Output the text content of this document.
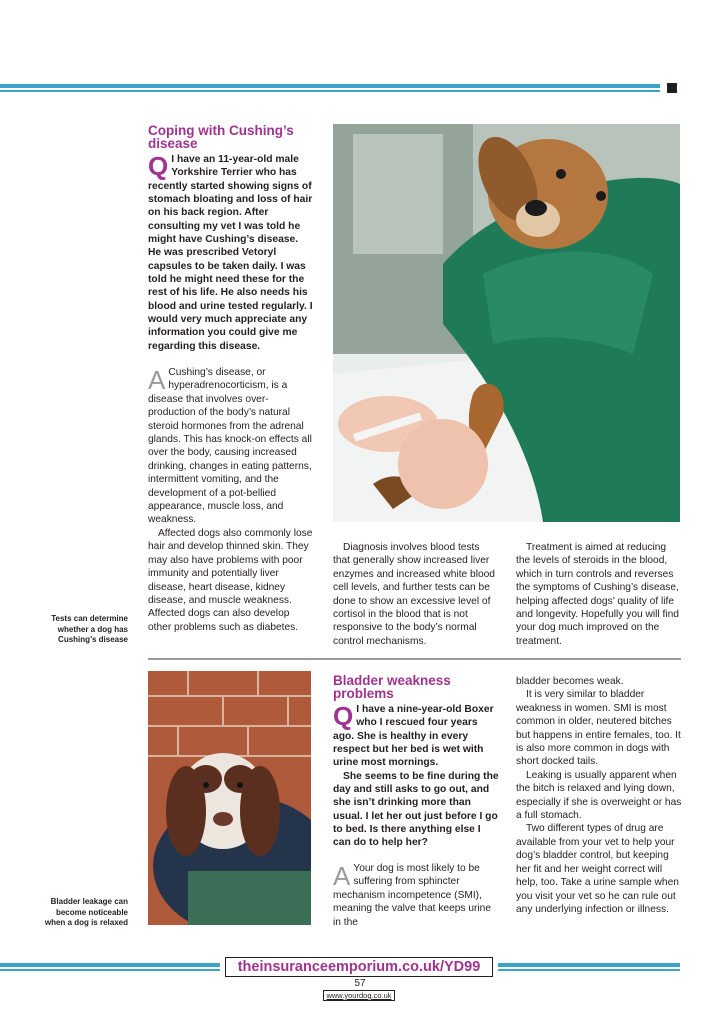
Coping with Cushing’s disease
Q I have an 11-year-old male Yorkshire Terrier who has recently started showing signs of stomach bloating and loss of hair on his back region. After consulting my vet I was told he might have Cushing’s disease. He was prescribed Vetoryl capsules to be taken daily. I was told he might need these for the rest of his life. He also needs his blood and urine tested regularly. I would very much appreciate any information you could give me regarding this disease.

A Cushing’s disease, or hyperadrenocorticism, is a disease that involves over-production of the body’s natural steroid hormones from the adrenal glands. This has knock-on effects all over the body, causing increased drinking, changes in eating patterns, intermittent vomiting, and the development of a pot-bellied appearance, muscle loss, and weakness.

Affected dogs also commonly lose hair and develop thinned skin. They may also have problems with poor immunity and potentially liver disease, heart disease, kidney disease, and muscle weakness. Affected dogs can also develop other problems such as diabetes.

Tests can determine whether a dog has Cushing’s disease

Diagnosis involves blood tests that generally show increased liver enzymes and increased white blood cell levels, and further tests can be done to show an excessive level of cortisol in the blood that is not responsive to the body’s normal control mechanisms.

Treatment is aimed at reducing the levels of steroids in the blood, which in turn controls and reverses the symptoms of Cushing’s disease, helping affected dogs’ quality of life and longevity. Hopefully you will find your dog much improved on the treatment.

Bladder leakage can become noticeable when a dog is relaxed

Bladder weakness problems
Q I have a nine-year-old Boxer who I rescued four years ago. She is healthy in every respect but her bed is wet with urine most mornings.

She seems to be fine during the day and still asks to go out, and she isn’t drinking more than usual. I let her out just before I go to bed. Is there anything else I can do to help her?

A Your dog is most likely to be suffering from sphincter mechanism incompetence (SMI), meaning the valve that keeps urine in the

bladder becomes weak.

It is very similar to bladder weakness in women. SMI is most common in older, neutered bitches but happens in entire females, too. It is also more common in dogs with short docked tails.

Leaking is usually apparent when the bitch is relaxed and lying down, especially if she is overweight or has a full stomach.

Two different types of drug are available from your vet to help your dog’s bladder control, but keeping her fit and her weight correct will help, too. Take a urine sample when you visit your vet so he can rule out any underlying infection or illness.

theinsuranceemporium.co.uk/YD99
57
www.yourdog.co.uk
